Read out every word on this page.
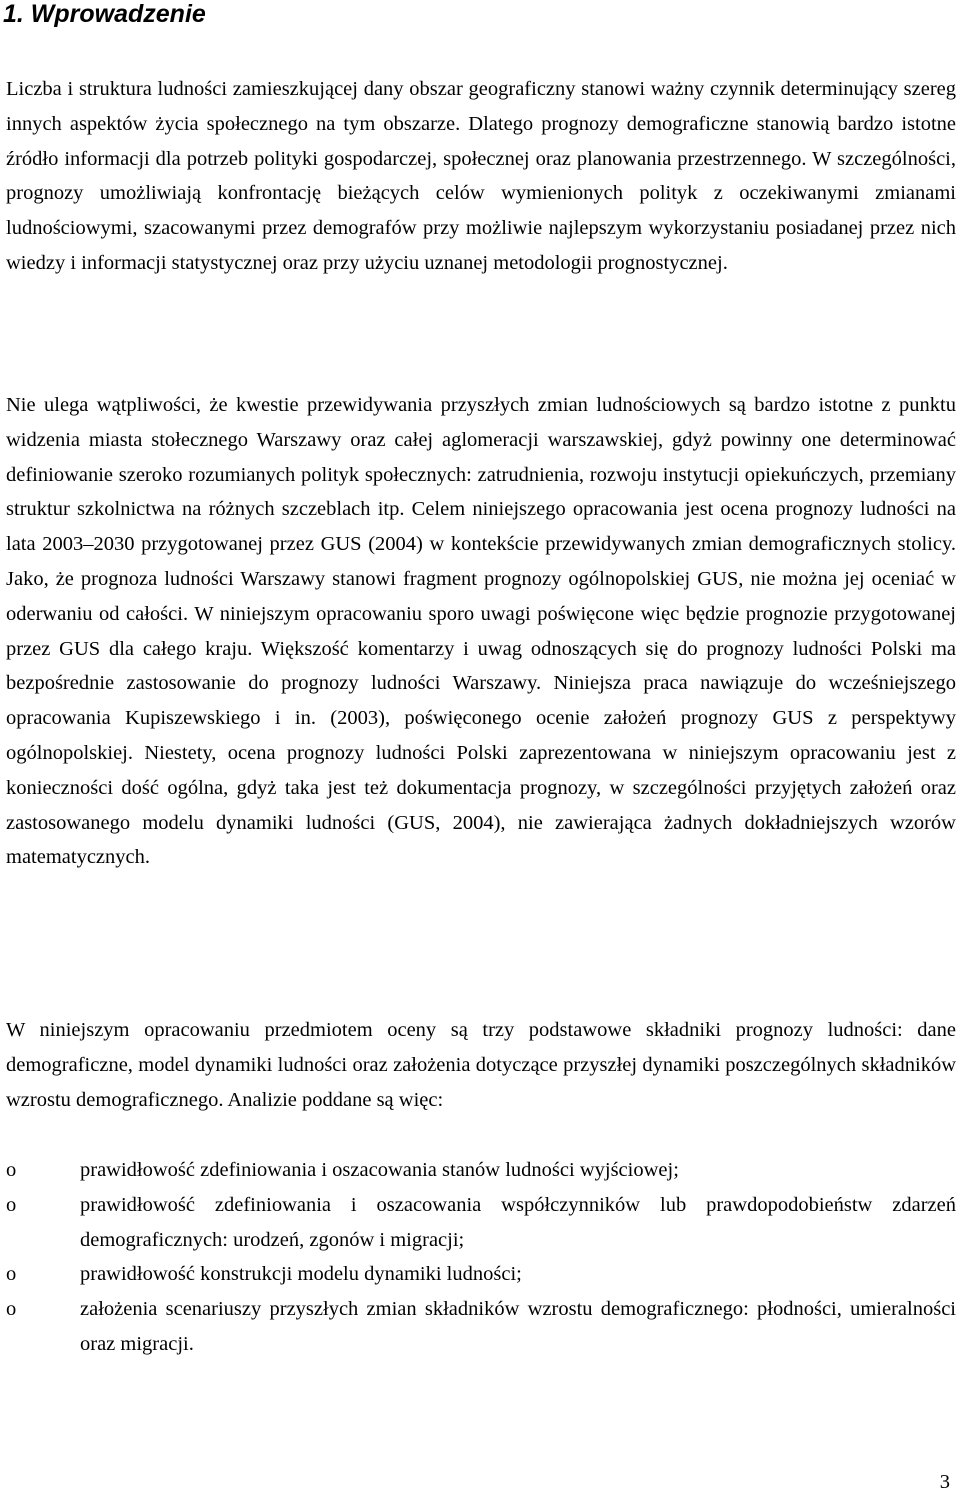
1. Wprowadzenie

Liczba i struktura ludności zamieszkującej dany obszar geograficzny stanowi ważny czynnik determinujący szereg innych aspektów życia społecznego na tym obszarze. Dlatego prognozy demograficzne stanowią bardzo istotne źródło informacji dla potrzeb polityki gospodarczej, społecznej oraz planowania przestrzennego. W szczególności, prognozy umożliwiają konfrontację bieżących celów wymienionych polityk z oczekiwanymi zmianami ludnościowymi, szacowanymi przez demografów przy możliwie najlepszym wykorzystaniu posiadanej przez nich wiedzy i informacji statystycznej oraz przy użyciu uznanej metodologii prognostycznej.

Nie ulega wątpliwości, że kwestie przewidywania przyszłych zmian ludnościowych są bardzo istotne z punktu widzenia miasta stołecznego Warszawy oraz całej aglomeracji warszawskiej, gdyż powinny one determinować definiowanie szeroko rozumianych polityk społecznych: zatrudnienia, rozwoju instytucji opiekuńczych, przemiany struktur szkolnictwa na różnych szczeblach itp. Celem niniejszego opracowania jest ocena prognozy ludności na lata 2003–2030 przygotowanej przez GUS (2004) w kontekście przewidywanych zmian demograficznych stolicy. Jako, że prognoza ludności Warszawy stanowi fragment prognozy ogólnopolskiej GUS, nie można jej oceniać w oderwaniu od całości. W niniejszym opracowaniu sporo uwagi poświęcone więc będzie prognozie przygotowanej przez GUS dla całego kraju. Większość komentarzy i uwag odnoszących się do prognozy ludności Polski ma bezpośrednie zastosowanie do prognozy ludności Warszawy. Niniejsza praca nawiązuje do wcześniejszego opracowania Kupiszewskiego i in. (2003), poświęconego ocenie założeń prognozy GUS z perspektywy ogólnopolskiej. Niestety, ocena prognozy ludności Polski zaprezentowana w niniejszym opracowaniu jest z konieczności dość ogólna, gdyż taka jest też dokumentacja prognozy, w szczególności przyjętych założeń oraz zastosowanego modelu dynamiki ludności (GUS, 2004), nie zawierająca żadnych dokładniejszych wzorów matematycznych.

W niniejszym opracowaniu przedmiotem oceny są trzy podstawowe składniki prognozy ludności: dane demograficzne, model dynamiki ludności oraz założenia dotyczące przyszłej dynamiki poszczególnych składników wzrostu demograficznego. Analizie poddane są więc:

o	prawidłowość zdefiniowania i oszacowania stanów ludności wyjściowej;
o	prawidłowość zdefiniowania i oszacowania współczynników lub prawdopodobieństw zdarzeń demograficznych: urodzeń, zgonów i migracji;
o	prawidłowość konstrukcji modelu dynamiki ludności;
o	założenia scenariuszy przyszłych zmian składników wzrostu demograficznego: płodności, umieralności oraz migracji.
3
